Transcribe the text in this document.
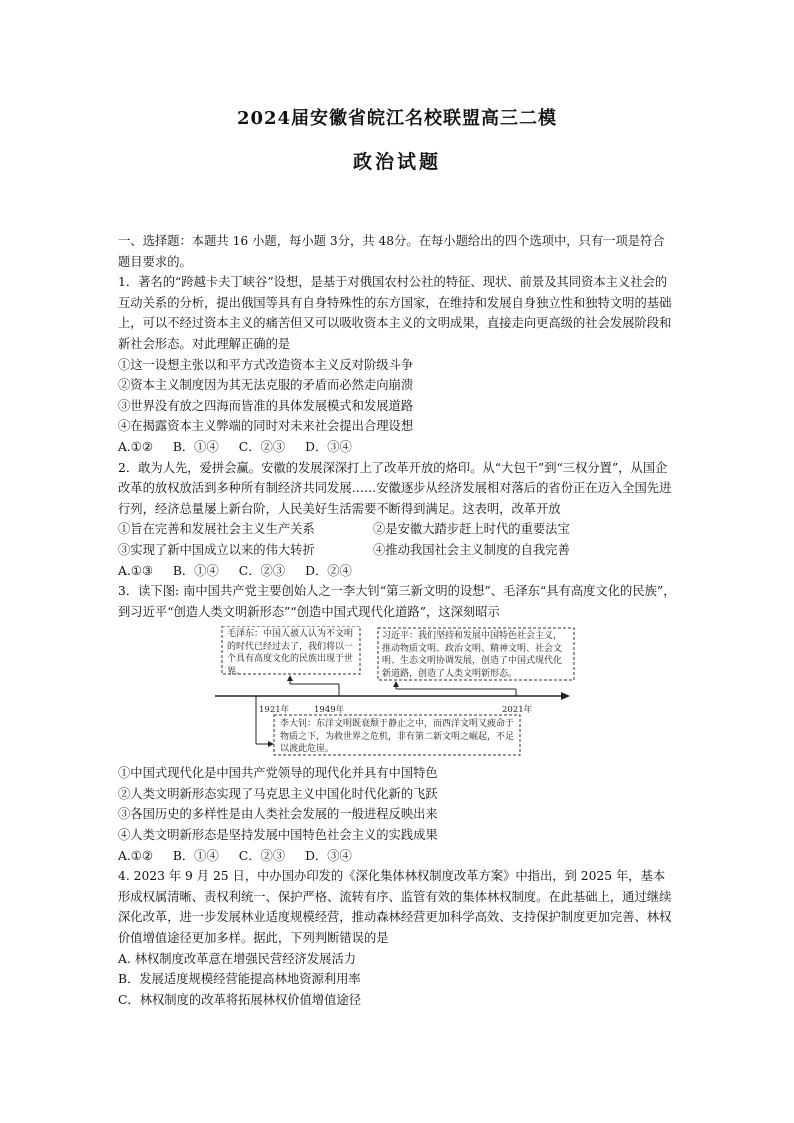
2024届安徽省皖江名校联盟高三二模
政治试题

一、选择题：本题共 16 小题，每小题 3分，共 48分。在每小题给出的四个选项中，只有一项是符合题目要求的。

1．著名的“跨越卡夫丁峡谷”设想，是基于对俄国农村公社的特征、现状、前景及其同资本主义社会的互动关系的分析，提出俄国等具有自身特殊性的东方国家，在维持和发展自身独立性和独特文明的基础上，可以不经过资本主义的痛苦但又可以吸收资本主义的文明成果，直接走向更高级的社会发展阶段和新社会形态。对此理解正确的是

①这一设想主张以和平方式改造资本主义反对阶级斗争

②资本主义制度因为其无法克服的矛盾而必然走向崩溃

③世界没有放之四海而皆准的具体发展模式和发展道路

④在揭露资本主义弊端的同时对未来社会提出合理设想

A.①② B．①④ C．②③ D．③④

2．敢为人先，爱拼会赢。安徽的发展深深打上了改革开放的烙印。从“大包干”到“三权分置”，从国企改革的放权放活到多种所有制经济共同发展……安徽逐步从经济发展相对落后的省份正在迈入全国先进行列，经济总量屡上新台阶，人民美好生活需要不断得到满足。这表明，改革开放

①旨在完善和发展社会主义生产关系	②是安徽大踏步赶上时代的重要法宝
③实现了新中国成立以来的伟大转折	④推动我国社会主义制度的自我完善
A.①③ B．①④ C．②③ D．②④

3．读下图: 南中国共产党主要创始人之一李大钊“第三新文明的设想”、毛泽东“具有高度文化的民族”，到习近平“创造人类文明新形态”“创造中国式现代化道路”，这深刻昭示

毛泽东：中国人被人认为不文明的时代已经过去了，我们将以一个具有高度文化的民族出现于世界。
习近平：我们坚持和发展中国特色社会主义，推动物质文明、政治文明、精神文明、社会文明、生态文明协调发展，创造了中国式现代化新道路，创造了人类文明新形态。
李大钊：东洋文明既衰颓于静止之中，而西洋文明又疲命于物质之下，为救世界之危机，非有第二新文明之崛起，不足以渡此危崖。
1921年	1949年	2021年

①中国式现代化是中国共产党领导的现代化并具有中国特色

②人类文明新形态实现了马克思主义中国化时代化新的飞跃

③各国历史的多样性是由人类社会发展的一般进程反映出来

④人类文明新形态是坚持发展中国特色社会主义的实践成果

A.①② B．①④ C．②③ D．③④

4. 2023 年 9 月 25 日，中办国办印发的《深化集体林权制度改革方案》中指出，到 2025 年，基本形成权属清晰、责权利统一、保护严格、流转有序、监管有效的集体林权制度。在此基础上，通过继续深化改革，进一步发展林业适度规模经营，推动森林经营更加科学高效、支持保护制度更加完善、林权价值增值途径更加多样。据此，下列判断错误的是

A. 林权制度改革意在增强民营经济发展活力

B．发展适度规模经营能提高林地资源利用率

C．林权制度的改革将拓展林权价值增值途径
